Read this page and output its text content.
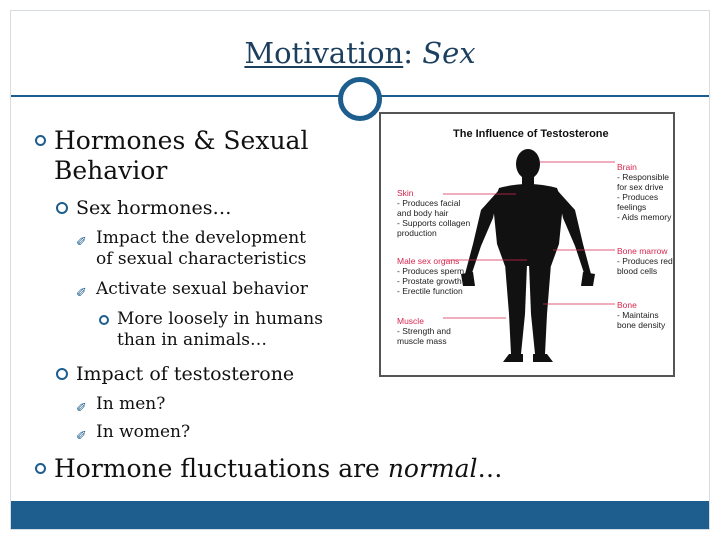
Motivation: Sex
Hormones & Sexual
Behavior
Sex hormones…
✐ Impact the development
of sexual characteristics
✐ Activate sexual behavior
More loosely in humans
than in animals…
Impact of testosterone
✐ In men?
✐ In women?
Hormone fluctuations are normal…
The Influence of Testosterone
Skin
- Produces facial
and body hair
- Supports collagen
production
Male sex organs
- Produces sperm
- Prostate growth
- Erectile function
Muscle
- Strength and
muscle mass
Brain
- Responsible
for sex drive
- Produces feelings
- Aids memory
Bone marrow
- Produces red
blood cells
Bone
- Maintains
bone density
